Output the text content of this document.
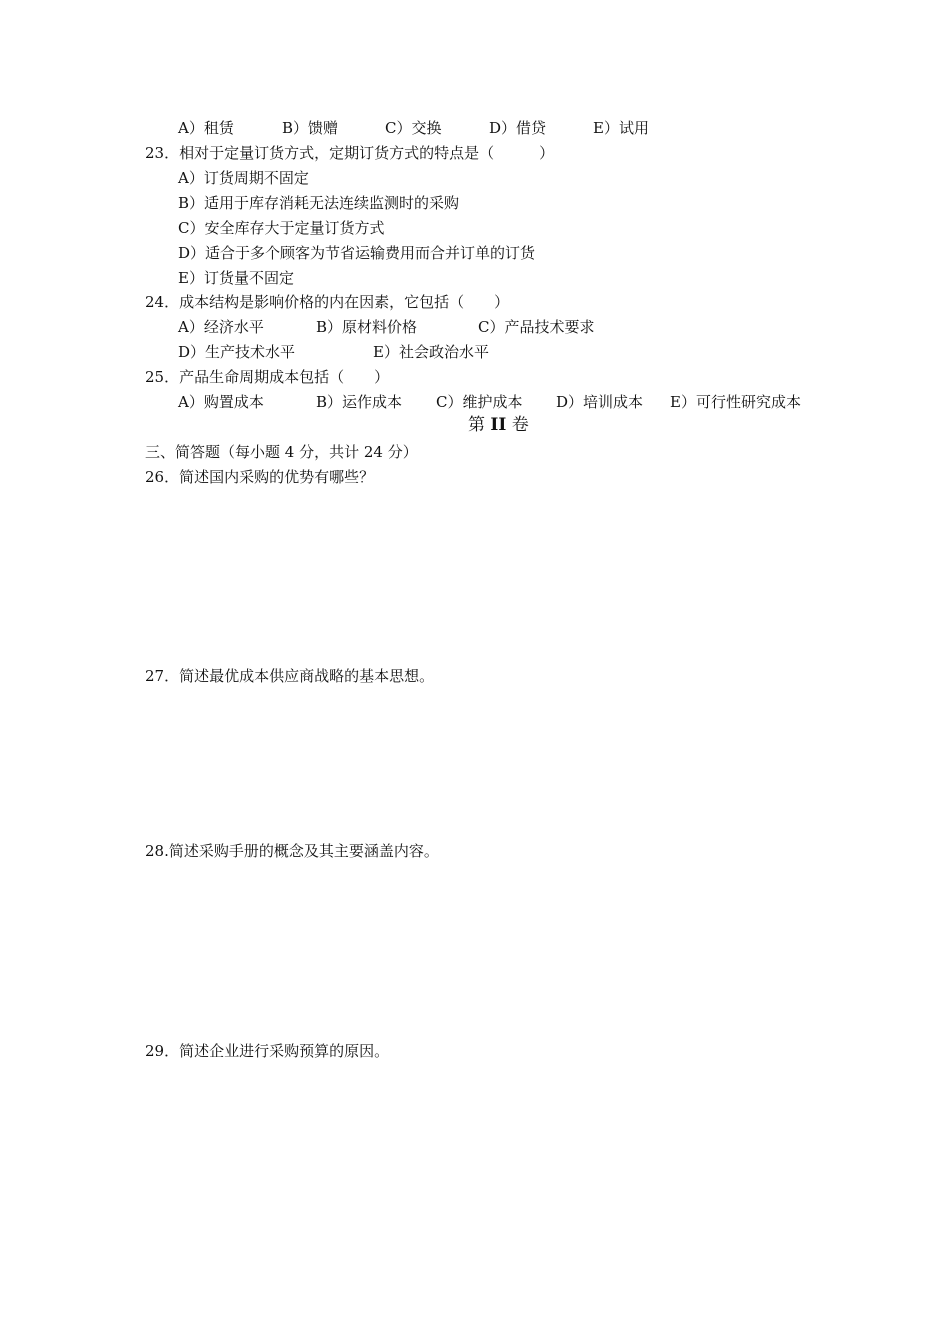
A）租赁	B）馈赠	C）交换	D）借贷	E）试用
23．相对于定量订货方式，定期订货方式的特点是（　　　）
A）订货周期不固定
B）适用于库存消耗无法连续监测时的采购
C）安全库存大于定量订货方式
D）适合于多个顾客为节省运输费用而合并订单的订货
E）订货量不固定
24．成本结构是影响价格的内在因素，它包括（　　）
A）经济水平	B）原材料价格	C）产品技术要求
D）生产技术水平	E）社会政治水平
25．产品生命周期成本包括（　　）
A）购置成本	B）运作成本 C）维护成本 D）培训成本 E）可行性研究成本
第 II 卷
三、简答题（每小题 4 分，共计 24 分）
26．简述国内采购的优势有哪些？
27．简述最优成本供应商战略的基本思想。
28.简述采购手册的概念及其主要涵盖内容。
29．简述企业进行采购预算的原因。
